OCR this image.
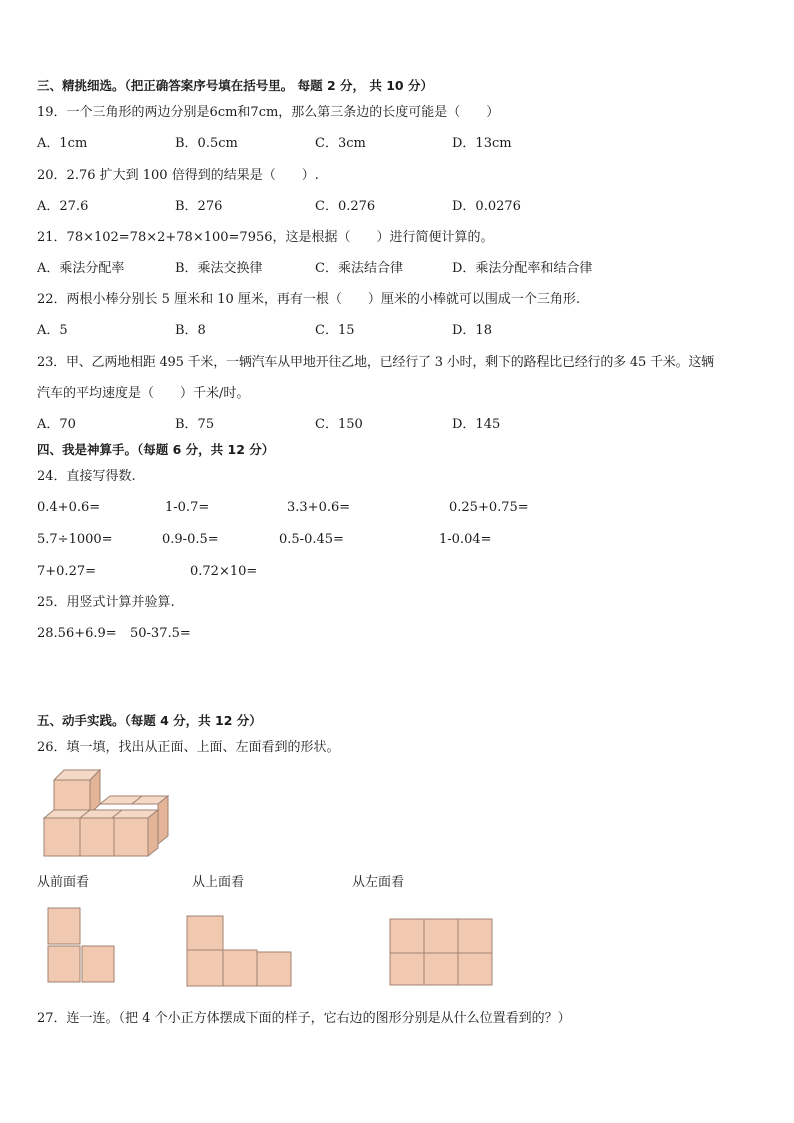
三、精挑细选。（把正确答案序号填在括号里。 每题 2 分， 共 10 分）
19．一个三角形的两边分别是6cm和7cm，那么第三条边的长度可能是（　　）
A．1cm	B．0.5cm	C．3cm	D．13cm
20．2.76 扩大到 100 倍得到的结果是（　　）.
A．27.6	B．276	C．0.276	D．0.0276
21．78×102=78×2+78×100=7956，这是根据（　　）进行简便计算的。
A．乘法分配率	B．乘法交换律	C．乘法结合律	D．乘法分配率和结合律
22．两根小棒分别长 5 厘米和 10 厘米，再有一根（　　）厘米的小棒就可以围成一个三角形.
A．5	B．8	C．15	D．18
23．甲、乙两地相距 495 千米，一辆汽车从甲地开往乙地，已经行了 3 小时，剩下的路程比已经行的多 45 千米。这辆
汽车的平均速度是（　　）千米/时。
A．70	B．75	C．150	D．145
四、我是神算手。（每题 6 分，共 12 分）
24．直接写得数.
0.4+0.6=	1-0.7=	3.3+0.6=	0.25+0.75=
5.7÷1000=	0.9-0.5=	0.5-0.45=	1-0.04=
7+0.27=	0.72×10=
25．用竖式计算并验算.
28.56+6.9= 50-37.5=
五、动手实践。（每题 4 分，共 12 分）
26．填一填，找出从正面、上面、左面看到的形状。
从前面看	从上面看	从左面看
27．连一连。（把 4 个小正方体摆成下面的样子，它右边的图形分别是从什么位置看到的？）
